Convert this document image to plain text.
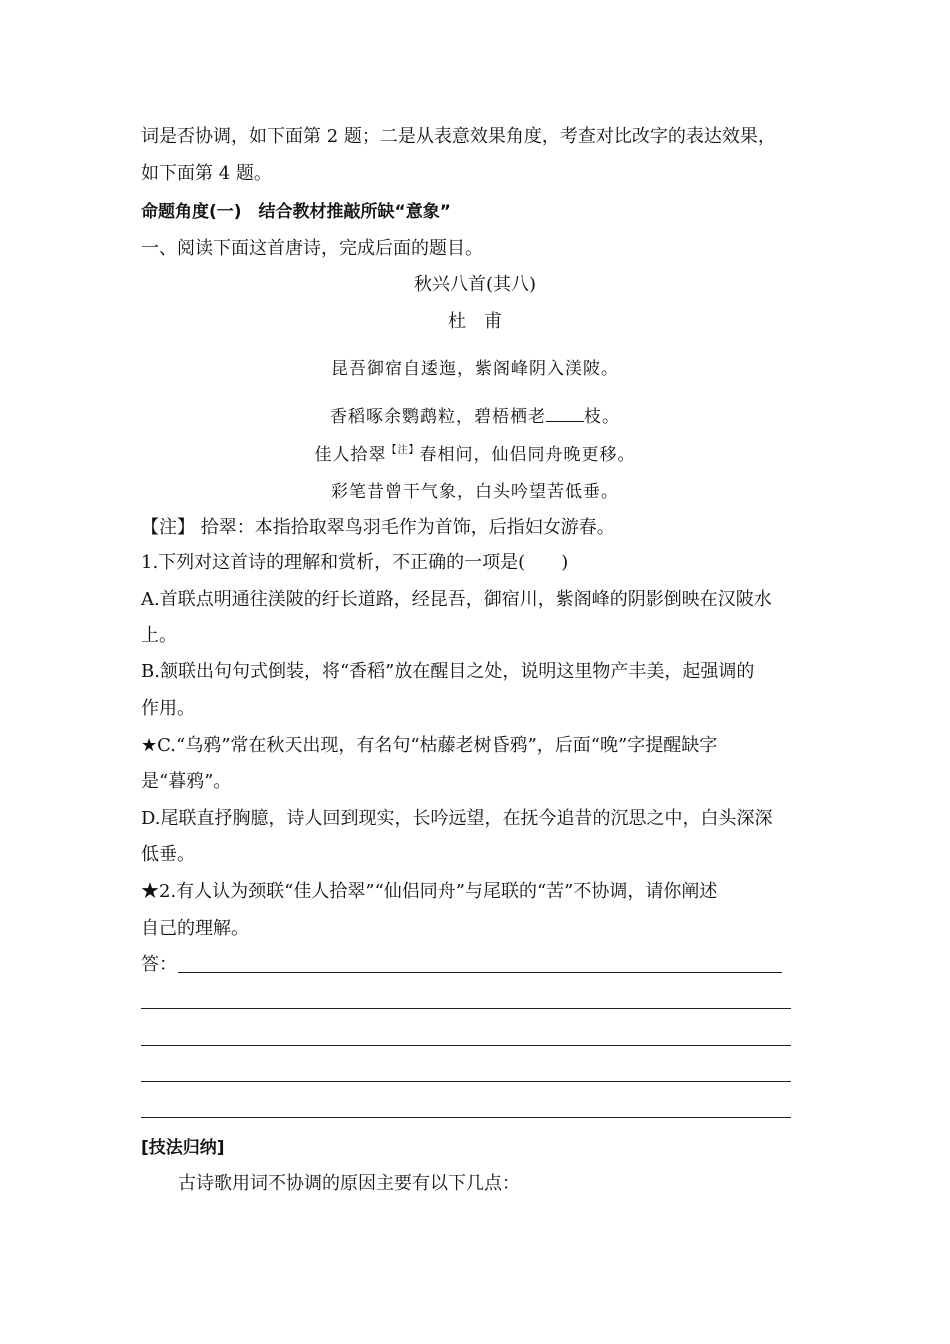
词是否协调，如下面第 2 题；二是从表意效果角度，考查对比改字的表达效果，
如下面第 4 题。
命题角度(一)　结合教材推敲所缺“意象”
一、阅读下面这首唐诗，完成后面的题目。
秋兴八首(其八)
杜　甫
昆吾御宿自逶迤，紫阁峰阴入渼陂。
香稻啄余鹦鹉粒，碧梧栖老 枝。
佳人拾翠$^{【注】}$春相问，仙侣同舟晚更移。
彩笔昔曾干气象，白头吟望苦低垂。
【注】 拾翠：本指拾取翠鸟羽毛作为首饰，后指妇女游春。
1.下列对这首诗的理解和赏析，不正确的一项是(　　)
A.首联点明通往渼陂的纡长道路，经昆吾，御宿川，紫阁峰的阴影倒映在汉陂水
上。
B.颔联出句句式倒装，将“香稻”放在醒目之处，说明这里物产丰美，起强调的
作用。
★C.“乌鸦”常在秋天出现，有名句“枯藤老树昏鸦”，后面“晚”字提醒缺字
是“暮鸦”。
D.尾联直抒胸臆，诗人回到现实，长吟远望，在抚今追昔的沉思之中，白头深深
低垂。
★2.有人认为颈联“佳人拾翠”“仙侣同舟”与尾联的“苦”不协调，请你阐述
自己的理解。
答：
[技法归纳]
古诗歌用词不协调的原因主要有以下几点：
